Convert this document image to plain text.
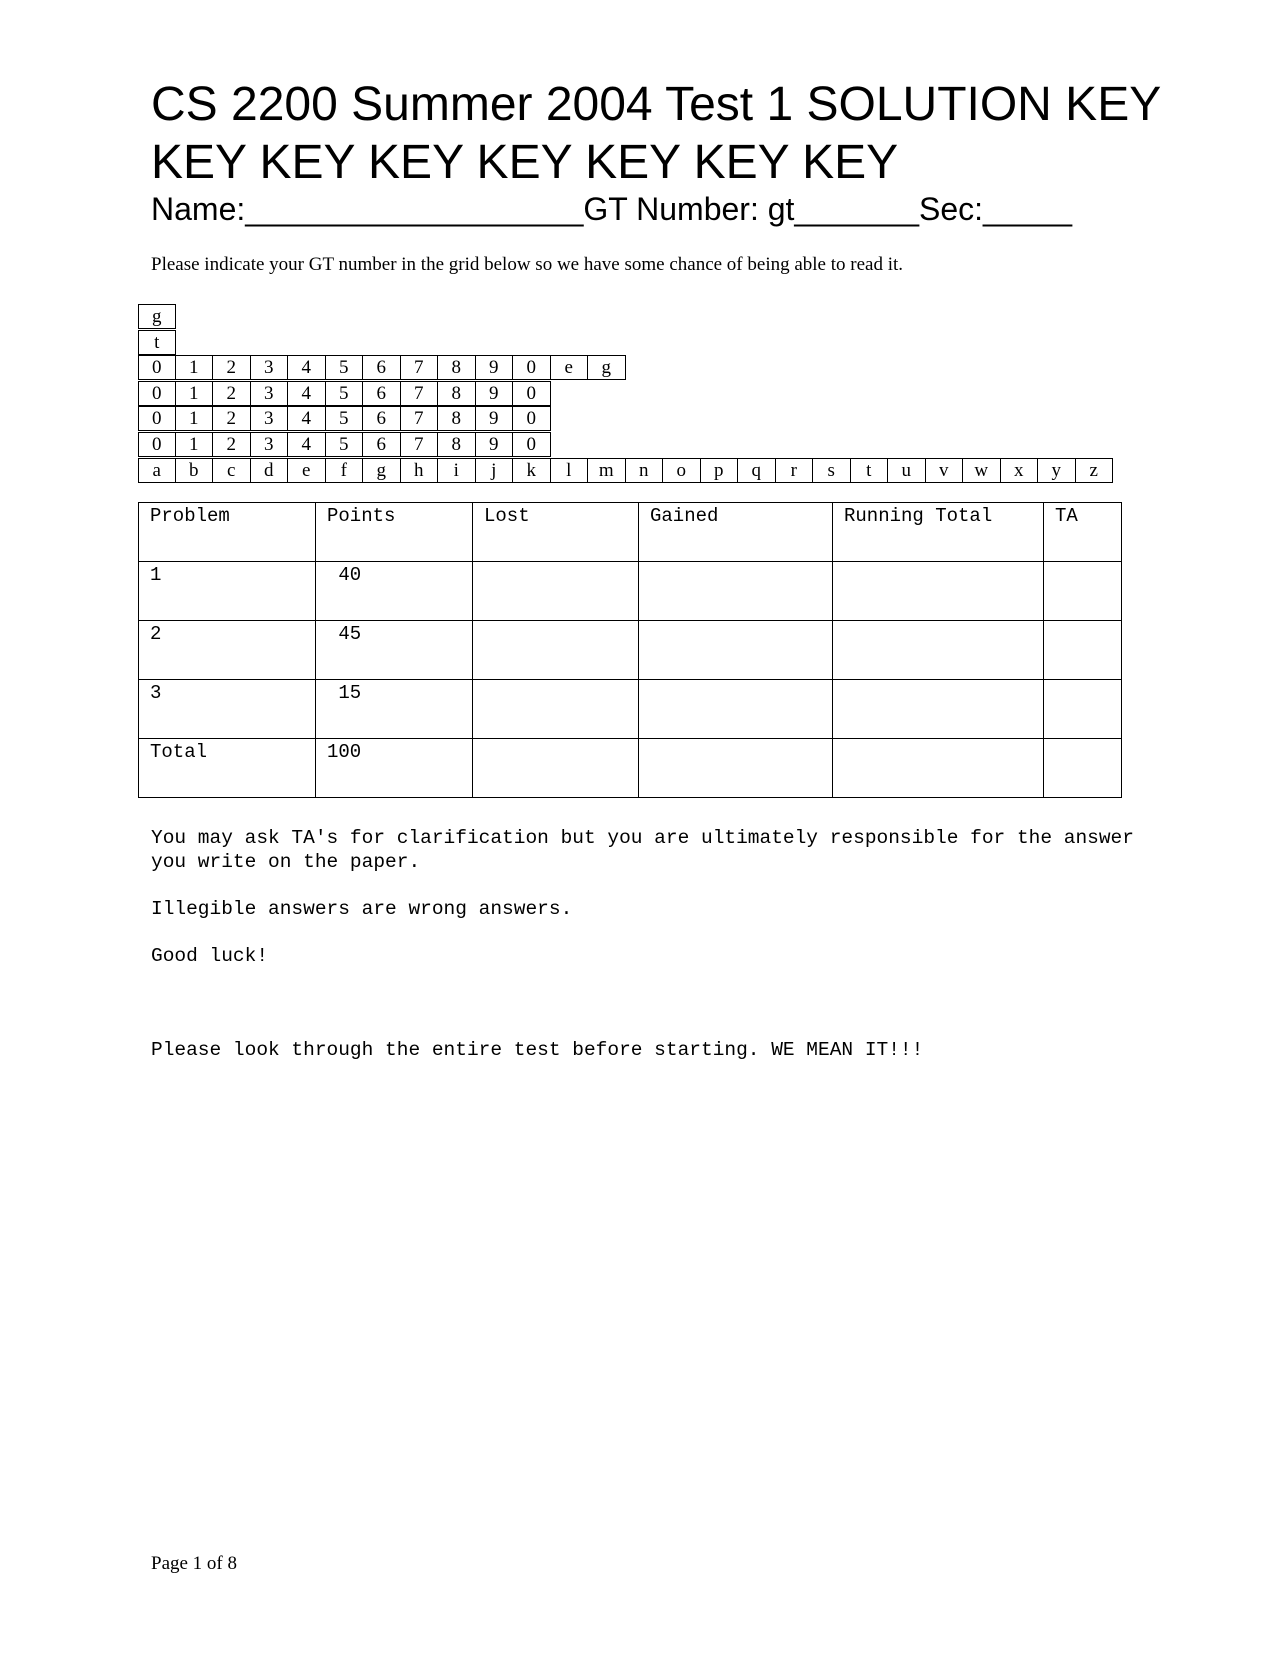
CS 2200 Summer 2004 Test 1 SOLUTION KEY KEY KEY KEY KEY KEY KEY KEY
Name:___________________GT Number: gt_______Sec:_____
Please indicate your GT number in the grid below so we have some chance of being able to read it.
g
t
0	1	2	3	4	5	6	7	8	9	0	e	g
0	1	2	3	4	5	6	7	8	9	0
0	1	2	3	4	5	6	7	8	9	0
0	1	2	3	4	5	6	7	8	9	0
a	b	c	d	e	f	g	h	i	j	k	l	m	n	o	p	q	r	s	t	u	v	w	x	y	z
Problem	Points	Lost	Gained	Running Total	TA
1	40				
2	45				
3	15				
Total	100				

You may ask TA's for clarification but you are ultimately responsible for the answer you write on the paper.

Illegible answers are wrong answers.

Good luck!

Please look through the entire test before starting. WE MEAN IT!!!

Page 1 of 8
